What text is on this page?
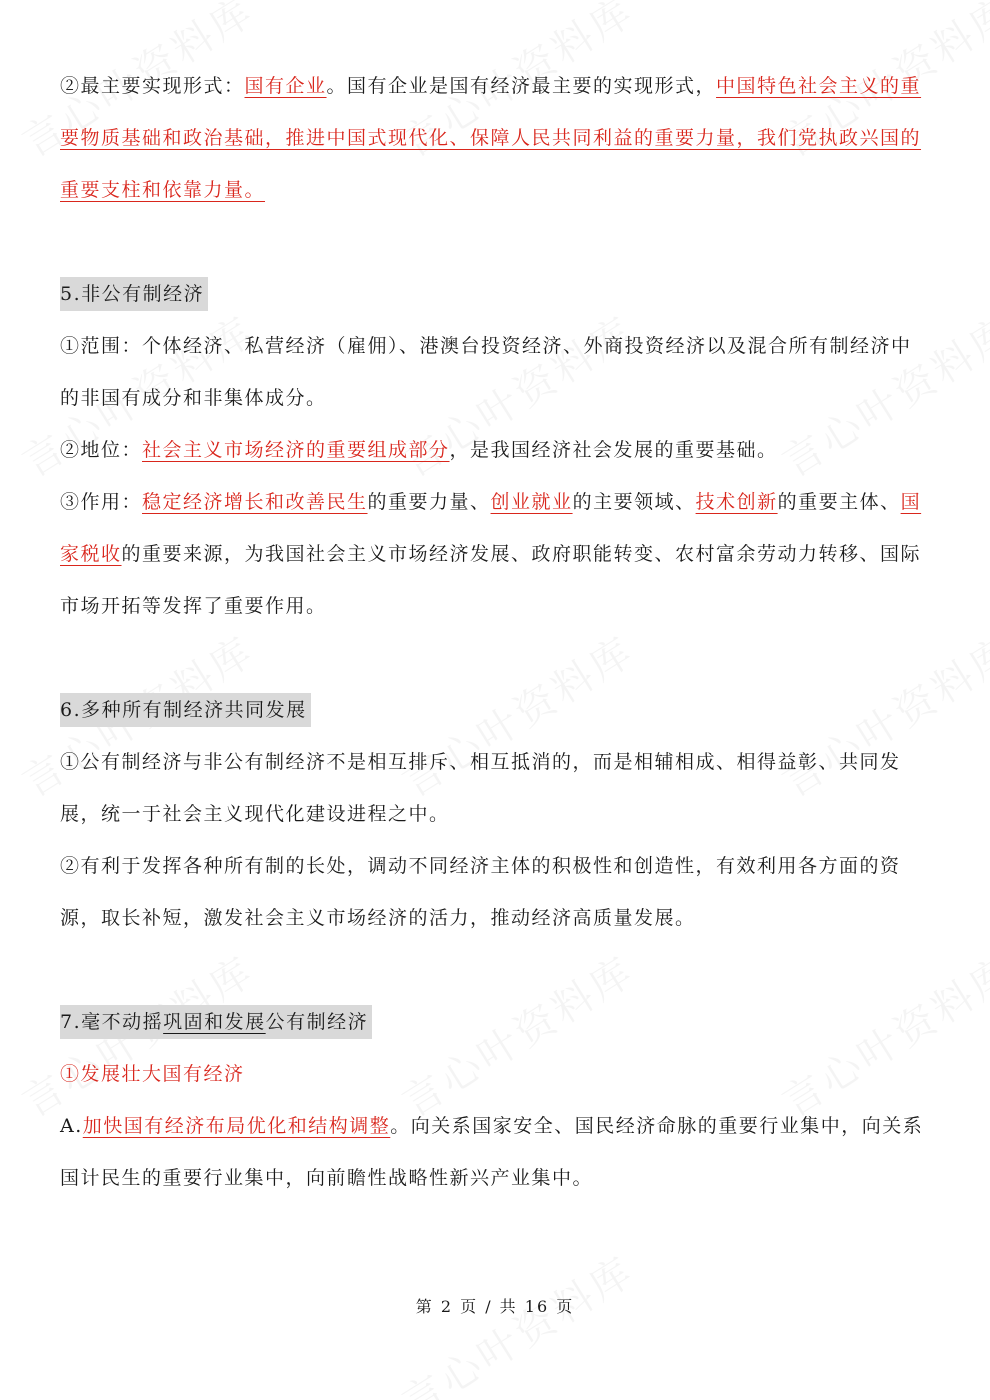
②最主要实现形式：国有企业。国有企业是国有经济最主要的实现形式，中国特色社会主义的重要物质基础和政治基础，推进中国式现代化、保障人民共同利益的重要力量，我们党执政兴国的重要支柱和依靠力量。

5.非公有制经济

①范围：个体经济、私营经济（雇佣）、港澳台投资经济、外商投资经济以及混合所有制经济中的非国有成分和非集体成分。

②地位：社会主义市场经济的重要组成部分，是我国经济社会发展的重要基础。

③作用：稳定经济增长和改善民生的重要力量、创业就业的主要领域、技术创新的重要主体、国家税收的重要来源，为我国社会主义市场经济发展、政府职能转变、农村富余劳动力转移、国际市场开拓等发挥了重要作用。

6.多种所有制经济共同发展

①公有制经济与非公有制经济不是相互排斥、相互抵消的，而是相辅相成、相得益彰、共同发展，统一于社会主义现代化建设进程之中。

②有利于发挥各种所有制的长处，调动不同经济主体的积极性和创造性，有效利用各方面的资源，取长补短，激发社会主义市场经济的活力，推动经济高质量发展。

7.毫不动摇巩固和发展公有制经济

①发展壮大国有经济

A.加快国有经济布局优化和结构调整。向关系国家安全、国民经济命脉的重要行业集中，向关系国计民生的重要行业集中，向前瞻性战略性新兴产业集中。

第 2 页 / 共 16 页
